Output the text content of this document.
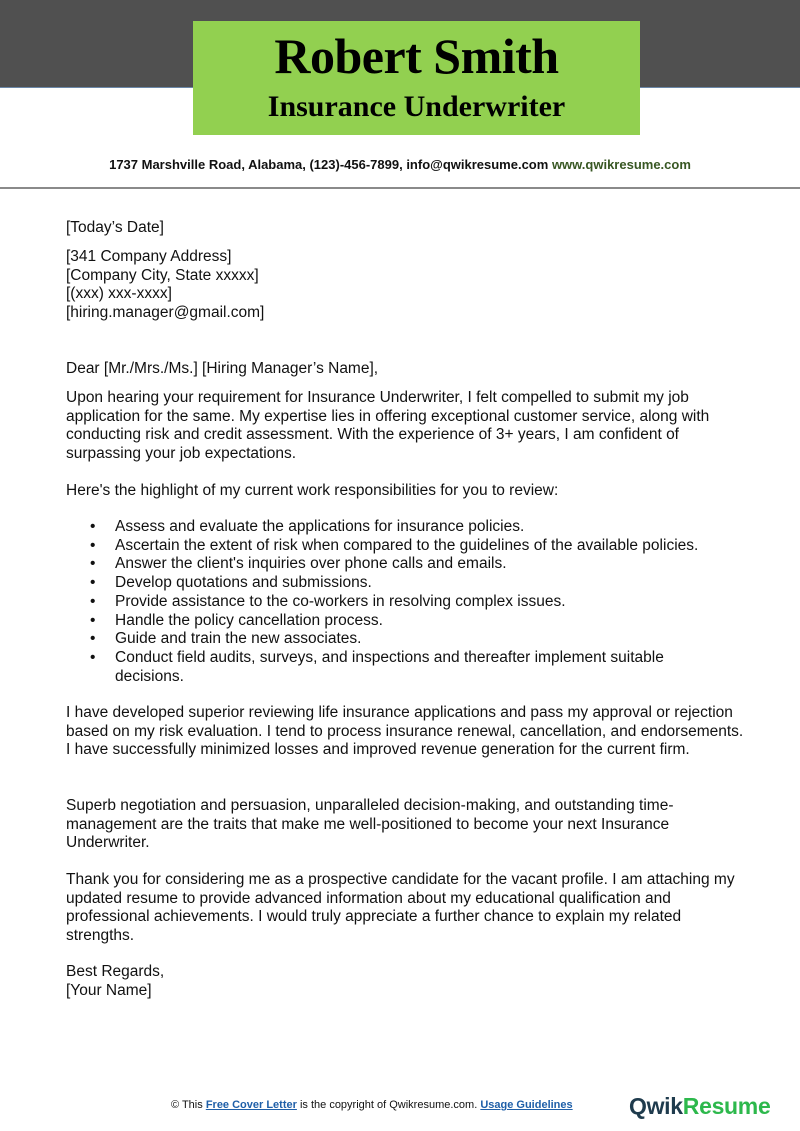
Robert Smith
Insurance Underwriter
1737 Marshville Road, Alabama, (123)-456-7899, info@qwikresume.com www.qwikresume.com
[Today’s Date]

[341 Company Address]

[Company City, State xxxxx]

[(xxx) xxx-xxxx]

[hiring.manager@gmail.com]

Dear [Mr./Mrs./Ms.] [Hiring Manager’s Name],
Upon hearing your requirement for Insurance Underwriter, I felt compelled to submit my job application for the same. My expertise lies in offering exceptional customer service, along with conducting risk and credit assessment. With the experience of 3+ years, I am confident of surpassing your job expectations.
Here's the highlight of my current work responsibilities for you to review:
• Assess and evaluate the applications for insurance policies.
• Ascertain the extent of risk when compared to the guidelines of the available policies.
• Answer the client's inquiries over phone calls and emails.
• Develop quotations and submissions.
• Provide assistance to the co-workers in resolving complex issues.
• Handle the policy cancellation process.
• Guide and train the new associates.
• Conduct field audits, surveys, and inspections and thereafter implement suitable decisions.
I have developed superior reviewing life insurance applications and pass my approval or rejection based on my risk evaluation. I tend to process insurance renewal, cancellation, and endorsements. I have successfully minimized losses and improved revenue generation for the current firm.
Superb negotiation and persuasion, unparalleled decision-making, and outstanding time-management are the traits that make me well-positioned to become your next Insurance Underwriter.
Thank you for considering me as a prospective candidate for the vacant profile. I am attaching my updated resume to provide advanced information about my educational qualification and professional achievements. I would truly appreciate a further chance to explain my related strengths.
Best Regards,
[Your Name]
© This Free Cover Letter is the copyright of Qwikresume.com. Usage Guidelines QwikResume
